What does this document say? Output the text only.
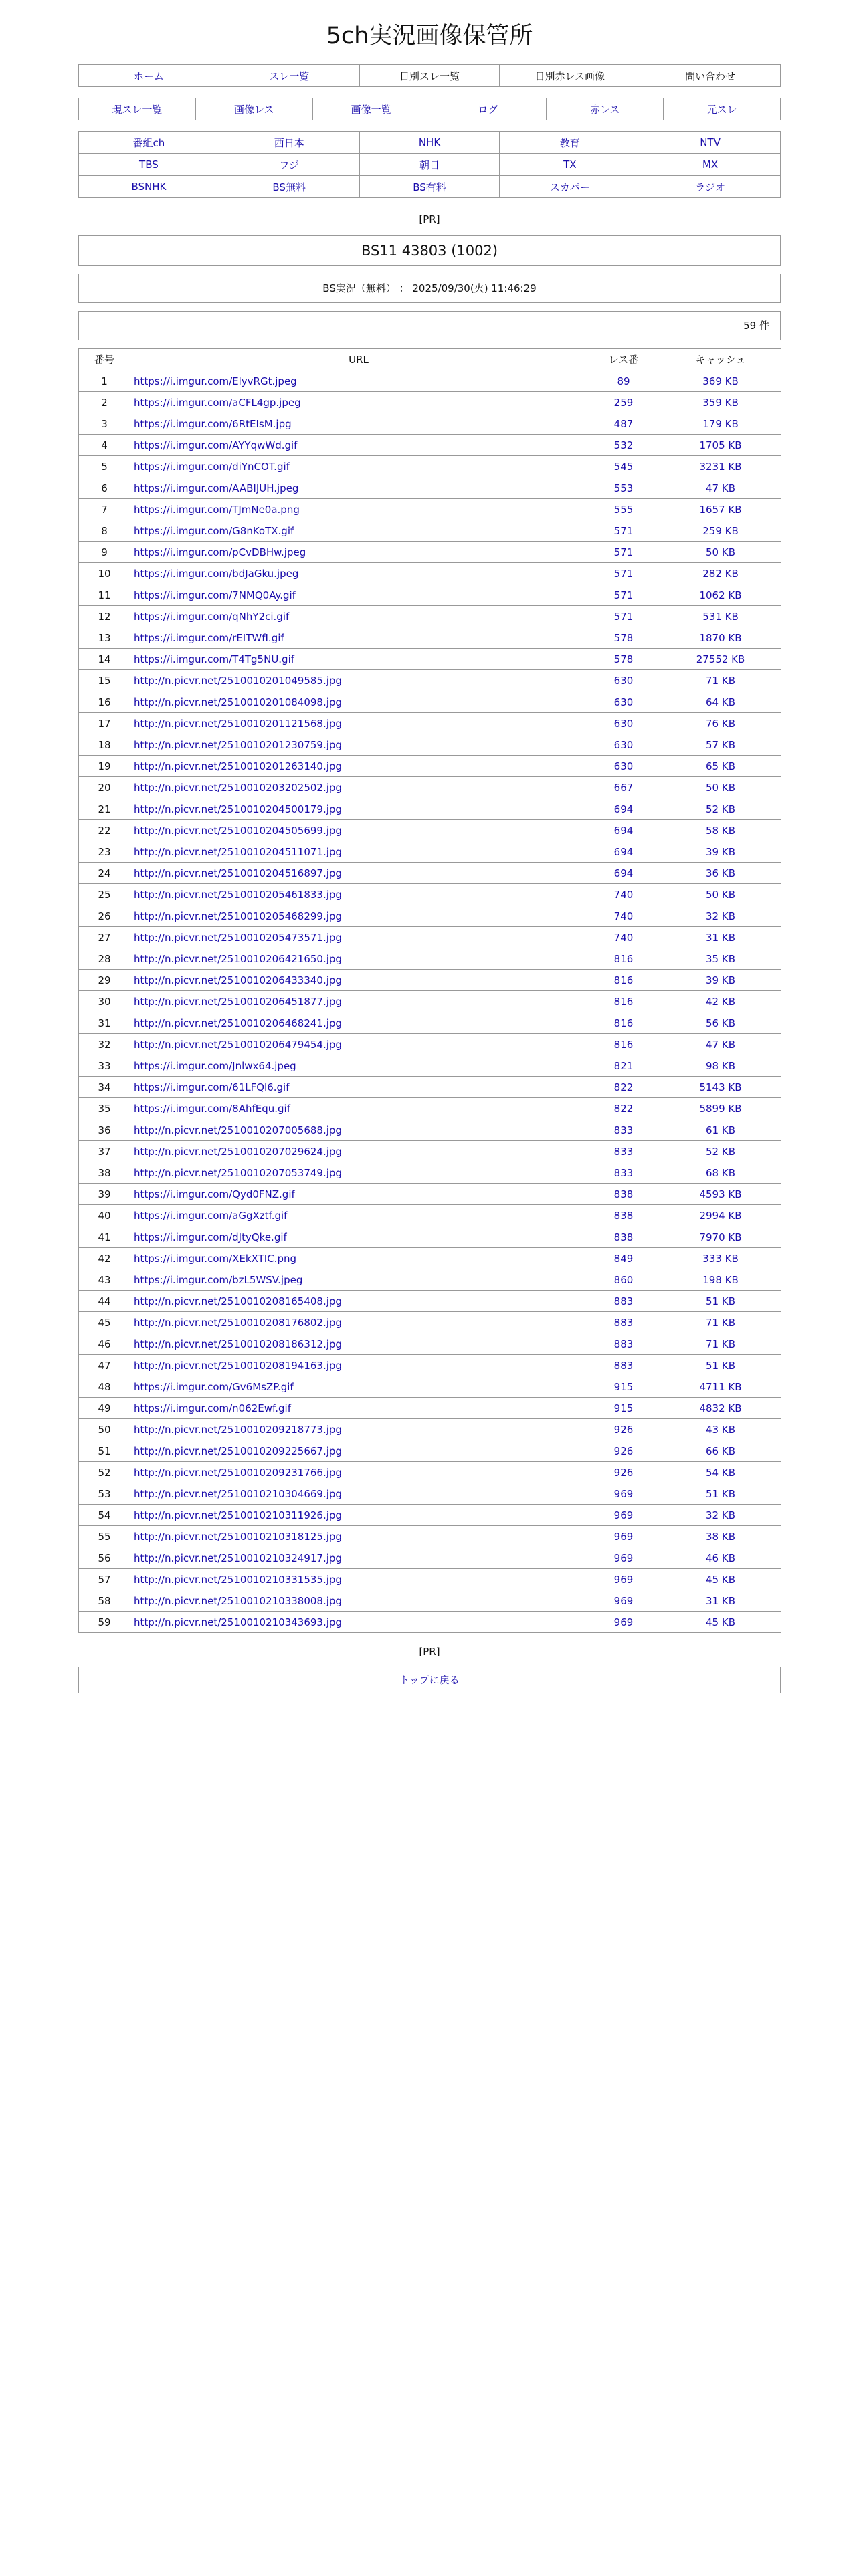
5ch実況画像保管所
ホーム	スレ一覧	日別スレ一覧	日別赤レス画像	問い合わせ
現スレ一覧	画像レス	画像一覧	ログ	赤レス	元スレ
番組ch	西日本	NHK	教育	NTV
TBS	フジ	朝日	TX	MX
BSNHK	BS無料	BS有料	スカパー	ラジオ
[PR]
BS11 43803 (1002)
BS実況（無料） ： 2025/09/30(火) 11:46:29
59 件
番号	URL	レス番	キャッシュ
1	https://i.imgur.com/ElyvRGt.jpeg	89	369 KB
2	https://i.imgur.com/aCFL4gp.jpeg	259	359 KB
3	https://i.imgur.com/6RtEIsM.jpg	487	179 KB
4	https://i.imgur.com/AYYqwWd.gif	532	1705 KB
5	https://i.imgur.com/diYnCOT.gif	545	3231 KB
6	https://i.imgur.com/AABIJUH.jpeg	553	47 KB
7	https://i.imgur.com/TJmNe0a.png	555	1657 KB
8	https://i.imgur.com/G8nKoTX.gif	571	259 KB
9	https://i.imgur.com/pCvDBHw.jpeg	571	50 KB
10	https://i.imgur.com/bdJaGku.jpeg	571	282 KB
11	https://i.imgur.com/7NMQ0Ay.gif	571	1062 KB
12	https://i.imgur.com/qNhY2ci.gif	571	531 KB
13	https://i.imgur.com/rEITWfI.gif	578	1870 KB
14	https://i.imgur.com/T4Tg5NU.gif	578	27552 KB
15	http://n.picvr.net/2510010201049585.jpg	630	71 KB
16	http://n.picvr.net/2510010201084098.jpg	630	64 KB
17	http://n.picvr.net/2510010201121568.jpg	630	76 KB
18	http://n.picvr.net/2510010201230759.jpg	630	57 KB
19	http://n.picvr.net/2510010201263140.jpg	630	65 KB
20	http://n.picvr.net/2510010203202502.jpg	667	50 KB
21	http://n.picvr.net/2510010204500179.jpg	694	52 KB
22	http://n.picvr.net/2510010204505699.jpg	694	58 KB
23	http://n.picvr.net/2510010204511071.jpg	694	39 KB
24	http://n.picvr.net/2510010204516897.jpg	694	36 KB
25	http://n.picvr.net/2510010205461833.jpg	740	50 KB
26	http://n.picvr.net/2510010205468299.jpg	740	32 KB
27	http://n.picvr.net/2510010205473571.jpg	740	31 KB
28	http://n.picvr.net/2510010206421650.jpg	816	35 KB
29	http://n.picvr.net/2510010206433340.jpg	816	39 KB
30	http://n.picvr.net/2510010206451877.jpg	816	42 KB
31	http://n.picvr.net/2510010206468241.jpg	816	56 KB
32	http://n.picvr.net/2510010206479454.jpg	816	47 KB
33	https://i.imgur.com/Jnlwx64.jpeg	821	98 KB
34	https://i.imgur.com/61LFQl6.gif	822	5143 KB
35	https://i.imgur.com/8AhfEqu.gif	822	5899 KB
36	http://n.picvr.net/2510010207005688.jpg	833	61 KB
37	http://n.picvr.net/2510010207029624.jpg	833	52 KB
38	http://n.picvr.net/2510010207053749.jpg	833	68 KB
39	https://i.imgur.com/Qyd0FNZ.gif	838	4593 KB
40	https://i.imgur.com/aGgXztf.gif	838	2994 KB
41	https://i.imgur.com/dJtyQke.gif	838	7970 KB
42	https://i.imgur.com/XEkXTIC.png	849	333 KB
43	https://i.imgur.com/bzL5WSV.jpeg	860	198 KB
44	http://n.picvr.net/2510010208165408.jpg	883	51 KB
45	http://n.picvr.net/2510010208176802.jpg	883	71 KB
46	http://n.picvr.net/2510010208186312.jpg	883	71 KB
47	http://n.picvr.net/2510010208194163.jpg	883	51 KB
48	https://i.imgur.com/Gv6MsZP.gif	915	4711 KB
49	https://i.imgur.com/n062Ewf.gif	915	4832 KB
50	http://n.picvr.net/2510010209218773.jpg	926	43 KB
51	http://n.picvr.net/2510010209225667.jpg	926	66 KB
52	http://n.picvr.net/2510010209231766.jpg	926	54 KB
53	http://n.picvr.net/2510010210304669.jpg	969	51 KB
54	http://n.picvr.net/2510010210311926.jpg	969	32 KB
55	http://n.picvr.net/2510010210318125.jpg	969	38 KB
56	http://n.picvr.net/2510010210324917.jpg	969	46 KB
57	http://n.picvr.net/2510010210331535.jpg	969	45 KB
58	http://n.picvr.net/2510010210338008.jpg	969	31 KB
59	http://n.picvr.net/2510010210343693.jpg	969	45 KB
[PR]
トップに戻る
